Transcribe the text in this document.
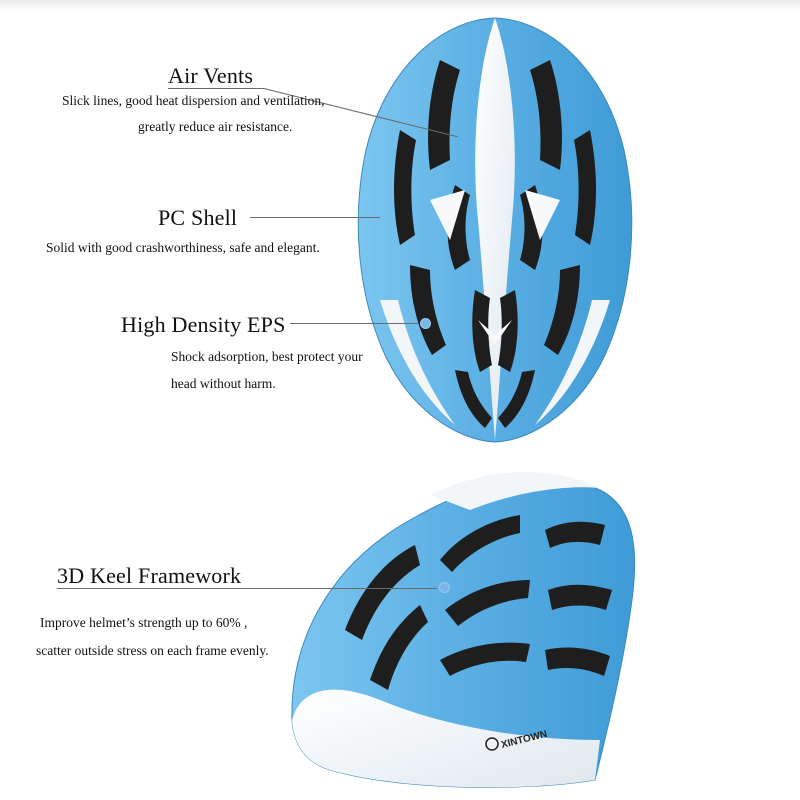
XINTOWN
Air Vents
Slick lines, good heat dispersion and ventilation,
greatly reduce air resistance.
PC Shell
Solid with good crashworthiness, safe and elegant.
High Density EPS
Shock adsorption, best protect your
head without harm.
3D Keel Framework
Improve helmet’s strength up to 60% ,
scatter outside stress on each frame evenly.
